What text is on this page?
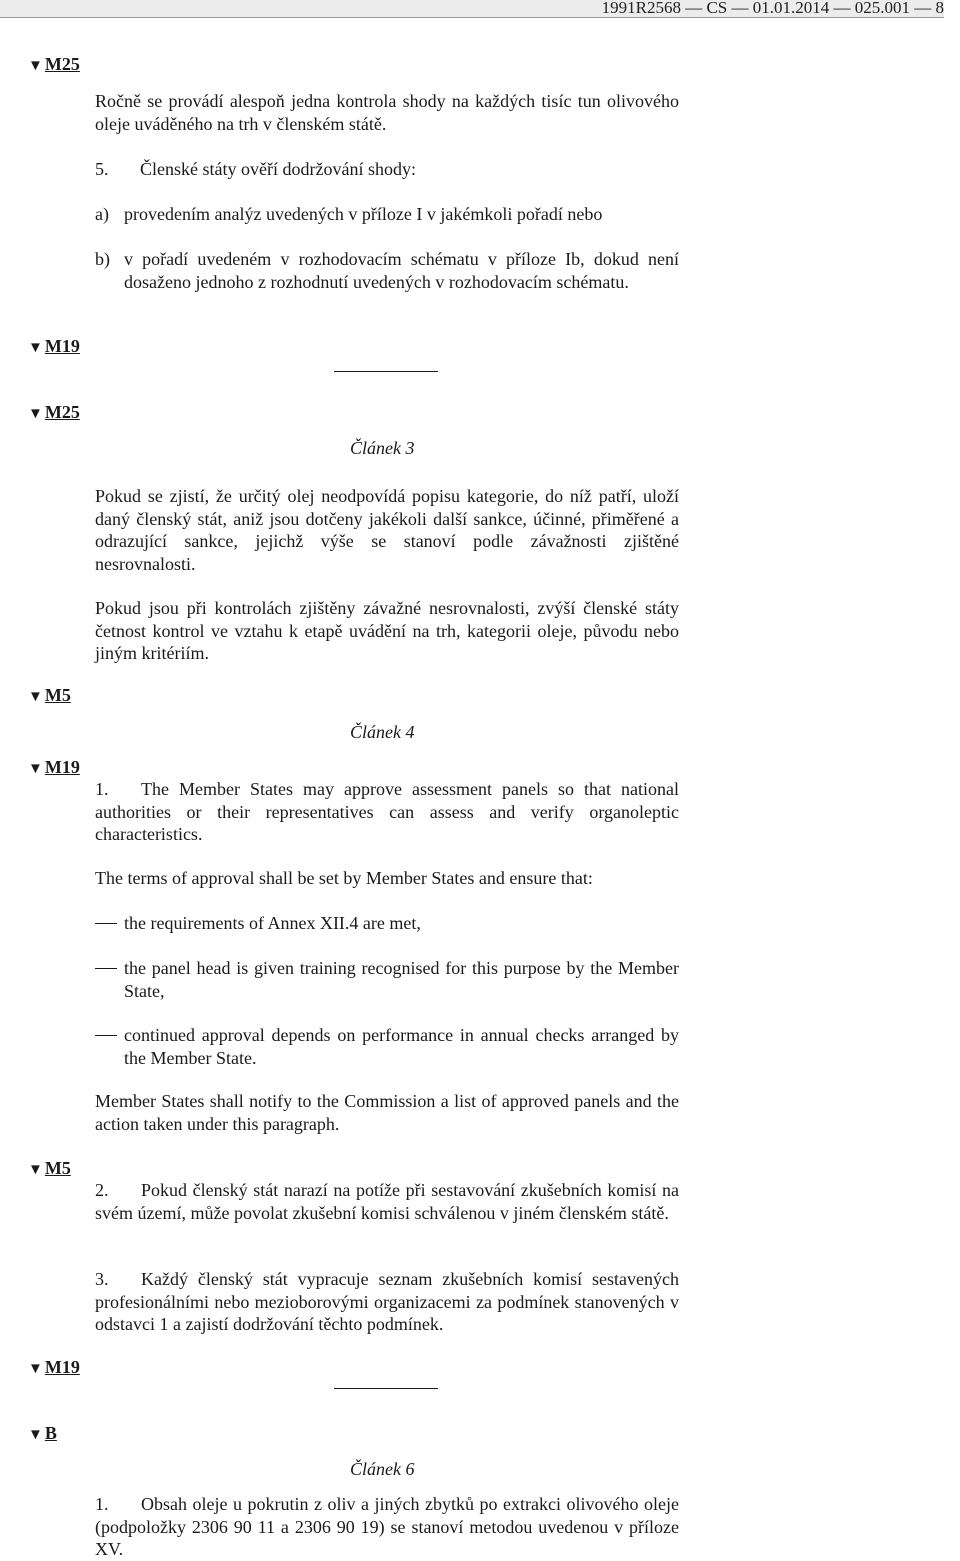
1991R2568 — CS — 01.01.2014 — 025.001 — 8
▼ M25
▼ M19
▼ M25
▼ M5
▼ M19
▼ M5
▼ M19
▼ B

Ročně se provádí alespoň jedna kontrola shody na každých tisíc tun olivového oleje uváděného na trh v členském státě.

5. Členské státy ověří dodržování shody:

a) provedením analýz uvedených v příloze I v jakémkoli pořadí nebo

b) v pořadí uvedeném v rozhodovacím schématu v příloze Ib, dokud není dosaženo jednoho z rozhodnutí uvedených v rozhodovacím schématu.

Článek 3

Pokud se zjistí, že určitý olej neodpovídá popisu kategorie, do níž patří, uloží daný členský stát, aniž jsou dotčeny jakékoli další sankce, účinné, přiměřené a odrazující sankce, jejichž výše se stanoví podle závažnosti zjištěné nesrovnalosti.

Pokud jsou při kontrolách zjištěny závažné nesrovnalosti, zvýší členské státy četnost kontrol ve vztahu k etapě uvádění na trh, kategorii oleje, původu nebo jiným kritériím.

Článek 4
1.	The Member States may approve assessment panels so that national authorities or their representatives can assess and verify organoleptic characteristics.

The terms of approval shall be set by Member States and ensure that:

the requirements of Annex XII.4 are met,

the panel head is given training recognised for this purpose by the Member State,

continued approval depends on performance in annual checks arranged by the Member State.

Member States shall notify to the Commission a list of approved panels and the action taken under this paragraph.

2.	Pokud členský stát narazí na potíže při sestavování zkušebních komisí na svém území, může povolat zkušební komisi schválenou v jiném členském státě.

3.	Každý členský stát vypracuje seznam zkušebních komisí sestavených profesionálními nebo mezioborovými organizacemi za podmínek stanovených v odstavci 1 a zajistí dodržování těchto podmínek.

Článek 6
1.	Obsah oleje u pokrutin z oliv a jiných zbytků po extrakci olivového oleje (podpoložky 2306 90 11 a 2306 90 19) se stanoví metodou uvedenou v příloze XV.
